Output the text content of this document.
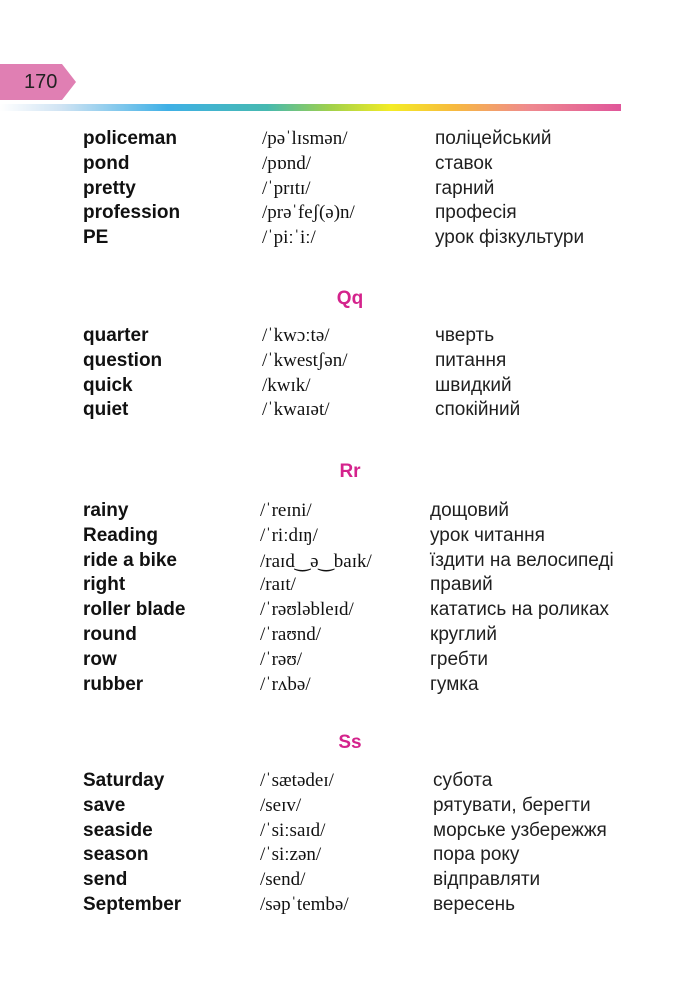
170
policeman	/pəˈlɪsmən/	поліцейський
pond	/pɒnd/	ставок
pretty	/ˈprɪtɪ/	гарний
profession	/prəˈfeʃ(ə)n/	професія
PE	/ˈpiːˈiː/	урок фізкультури
Qq
quarter	/ˈkwɔːtə/	чверть
question	/ˈkwestʃən/	питання
quick	/kwɪk/	швидкий
quiet	/ˈkwaɪət/	спокійний
Rr
rainy	/ˈreɪni/	дощовий
Reading	/ˈriːdɪŋ/	урок читання
ride a bike	/raɪd‿ə‿baɪk/	їздити на велосипеді
right	/raɪt/	правий
roller blade	/ˈrəʊləbleɪd/	кататись на роликах
round	/ˈraʊnd/	круглий
row	/ˈrəʊ/	гребти
rubber	/ˈrʌbə/	гумка
Ss
Saturday	/ˈsætədeɪ/	субота
save	/seɪv/	рятувати, берегти
seaside	/ˈsiːsaɪd/	морське узбережжя
season	/ˈsiːzən/	пора року
send	/send/	відправляти
September	/səpˈtembə/	вересень
